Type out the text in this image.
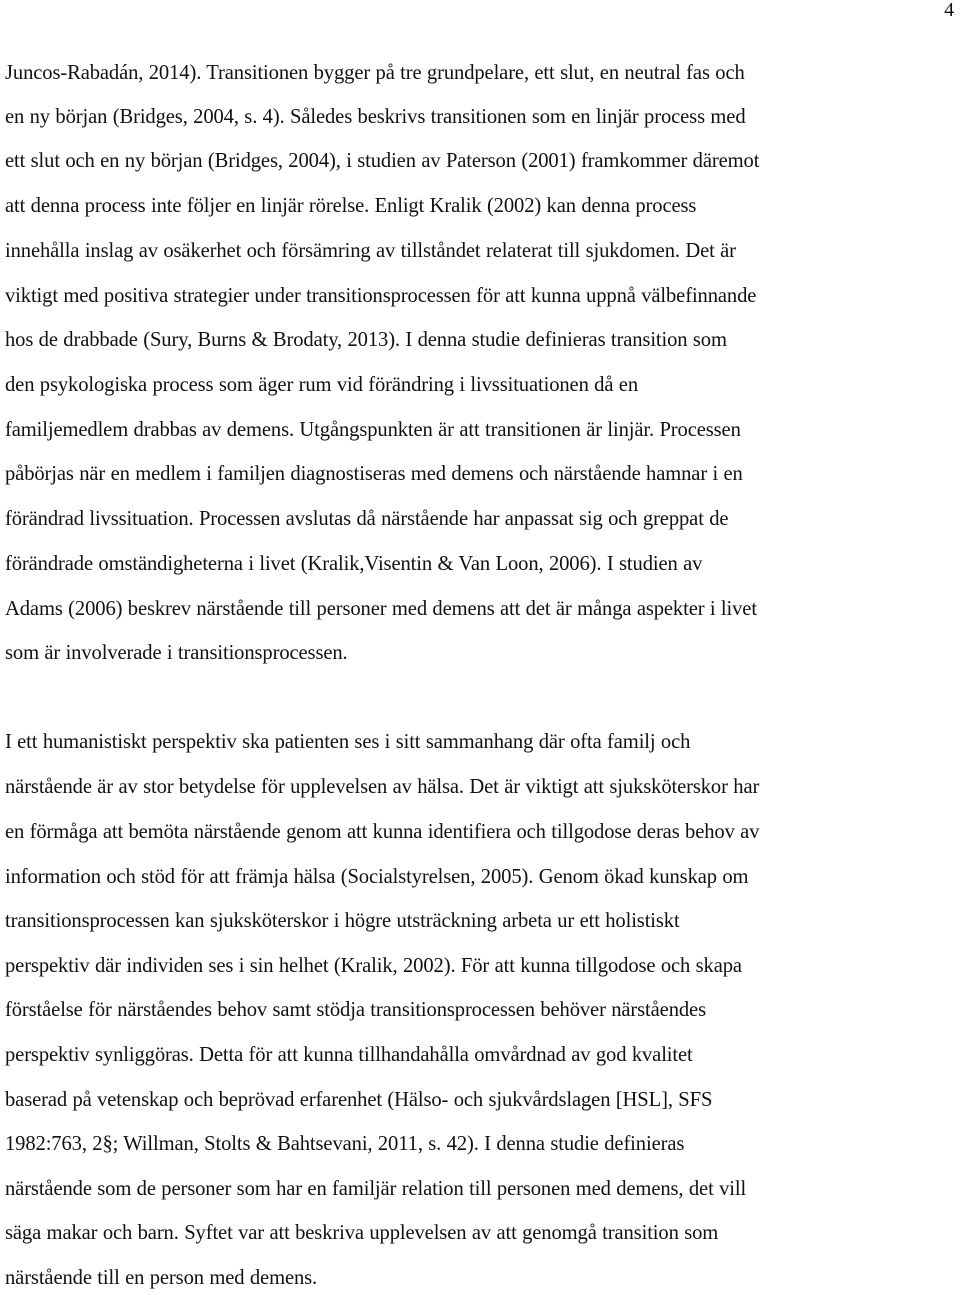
4
Juncos-Rabadán, 2014). Transitionen bygger på tre grundpelare, ett slut, en neutral fas och
en ny början (Bridges, 2004, s. 4). Således beskrivs transitionen som en linjär process med
ett slut och en ny början (Bridges, 2004), i studien av Paterson (2001) framkommer däremot
att denna process inte följer en linjär rörelse. Enligt Kralik (2002) kan denna process
innehålla inslag av osäkerhet och försämring av tillståndet relaterat till sjukdomen. Det är
viktigt med positiva strategier under transitionsprocessen för att kunna uppnå välbefinnande
hos de drabbade (Sury, Burns & Brodaty, 2013). I denna studie definieras transition som
den psykologiska process som äger rum vid förändring i livssituationen då en
familjemedlem drabbas av demens. Utgångspunkten är att transitionen är linjär. Processen
påbörjas när en medlem i familjen diagnostiseras med demens och närstående hamnar i en
förändrad livssituation. Processen avslutas då närstående har anpassat sig och greppat de
förändrade omständigheterna i livet (Kralik,Visentin & Van Loon, 2006). I studien av
Adams (2006) beskrev närstående till personer med demens att det är många aspekter i livet
som är involverade i transitionsprocessen.
I ett humanistiskt perspektiv ska patienten ses i sitt sammanhang där ofta familj och
närstående är av stor betydelse för upplevelsen av hälsa. Det är viktigt att sjuksköterskor har
en förmåga att bemöta närstående genom att kunna identifiera och tillgodose deras behov av
information och stöd för att främja hälsa (Socialstyrelsen, 2005). Genom ökad kunskap om
transitionsprocessen kan sjuksköterskor i högre utsträckning arbeta ur ett holistiskt
perspektiv där individen ses i sin helhet (Kralik, 2002). För att kunna tillgodose och skapa
förståelse för närståendes behov samt stödja transitionsprocessen behöver närståendes
perspektiv synliggöras. Detta för att kunna tillhandahålla omvårdnad av god kvalitet
baserad på vetenskap och beprövad erfarenhet (Hälso- och sjukvårdslagen [HSL], SFS
1982:763, 2§; Willman, Stolts & Bahtsevani, 2011, s. 42). I denna studie definieras
närstående som de personer som har en familjär relation till personen med demens, det vill
säga makar och barn. Syftet var att beskriva upplevelsen av att genomgå transition som
närstående till en person med demens.
